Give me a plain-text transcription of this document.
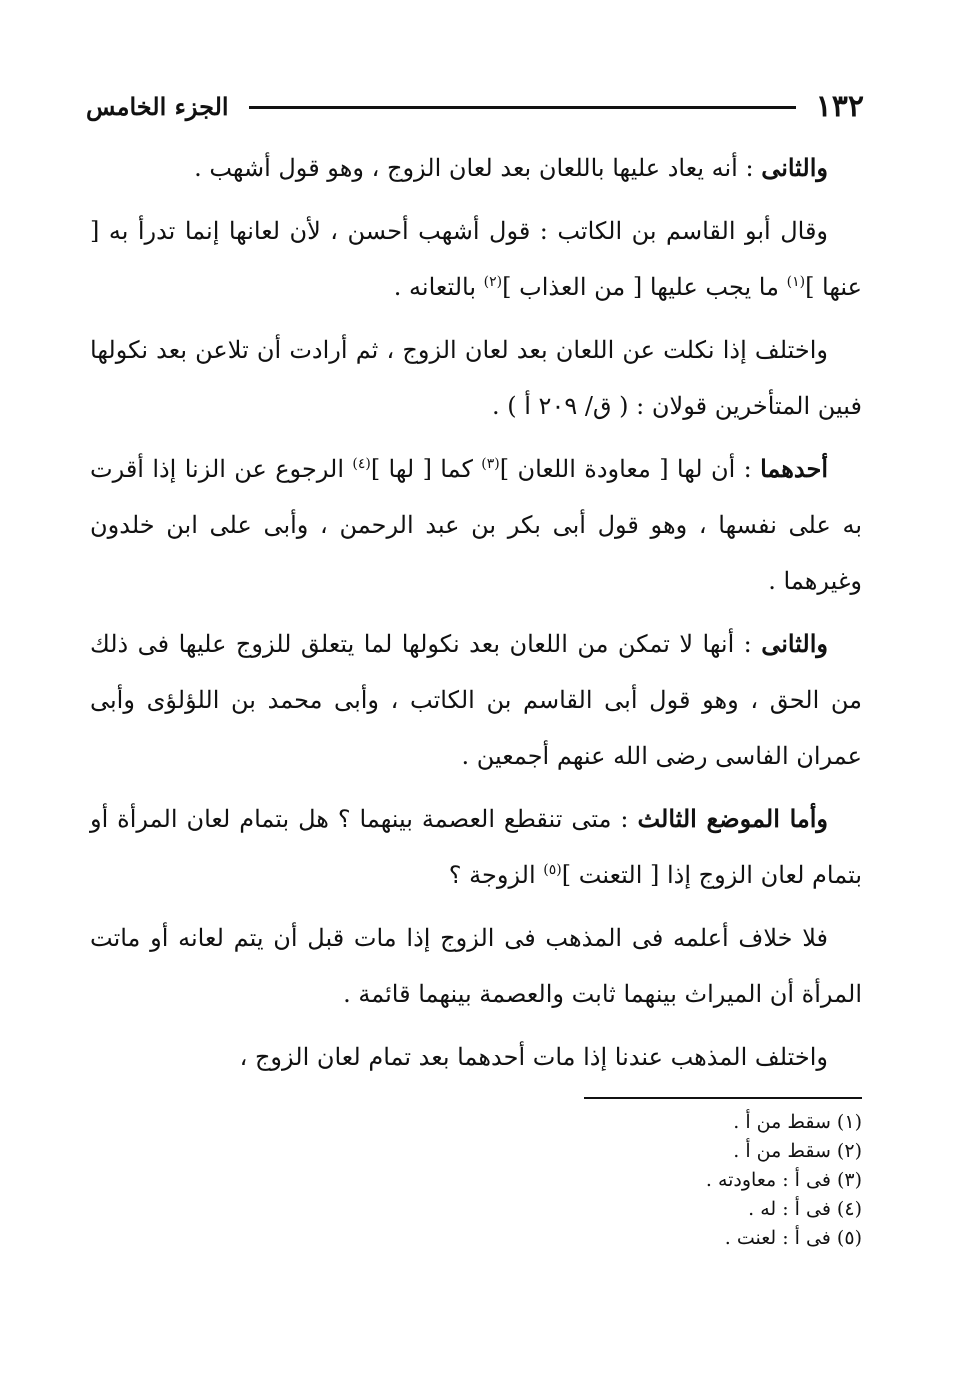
١٣٢
الجزء الخامس

والثانى : أنه يعاد عليها باللعان بعد لعان الزوج ، وهو قول أشهب .

وقال أبو القاسم بن الكاتب : قول أشهب أحسن ، لأن لعانها إنما تدرأ به [ عنها ]$^{(١)}$ ما يجب عليها [ من العذاب ]$^{(٢)}$ بالتعانه .

واختلف إذا نكلت عن اللعان بعد لعان الزوج ، ثم أرادت أن تلاعن بعد نكولها فبين المتأخرين قولان : ( ق/ ٢٠٩ أ ) .

أحدهما : أن لها [ معاودة اللعان ]$^{(٣)}$ كما [ لها ]$^{(٤)}$ الرجوع عن الزنا إذا أقرت به على نفسها ، وهو قول أبى بكر بن عبد الرحمن ، وأبى على ابن خلدون وغيرهما .

والثانى : أنها لا تمكن من اللعان بعد نكولها لما يتعلق للزوج عليها فى ذلك من الحق ، وهو قول أبى القاسم بن الكاتب ، وأبى محمد بن اللؤلؤى وأبى عمران الفاسى رضى الله عنهم أجمعين .

وأما الموضع الثالث : متى تنقطع العصمة بينهما ؟ هل بتمام لعان المرأة أو بتمام لعان الزوج إذا [ التعنت ]$^{(٥)}$ الزوجة ؟

فلا خلاف أعلمه فى المذهب فى الزوج إذا مات قبل أن يتم لعانه أو ماتت المرأة أن الميراث بينهما ثابت والعصمة بينهما قائمة .

واختلف المذهب عندنا إذا مات أحدهما بعد تمام لعان الزوج ،

(١) سقط من أ .
(٢) سقط من أ .
(٣) فى أ : معاودته .
(٤) فى أ : له .
(٥) فى أ : لعنت .
